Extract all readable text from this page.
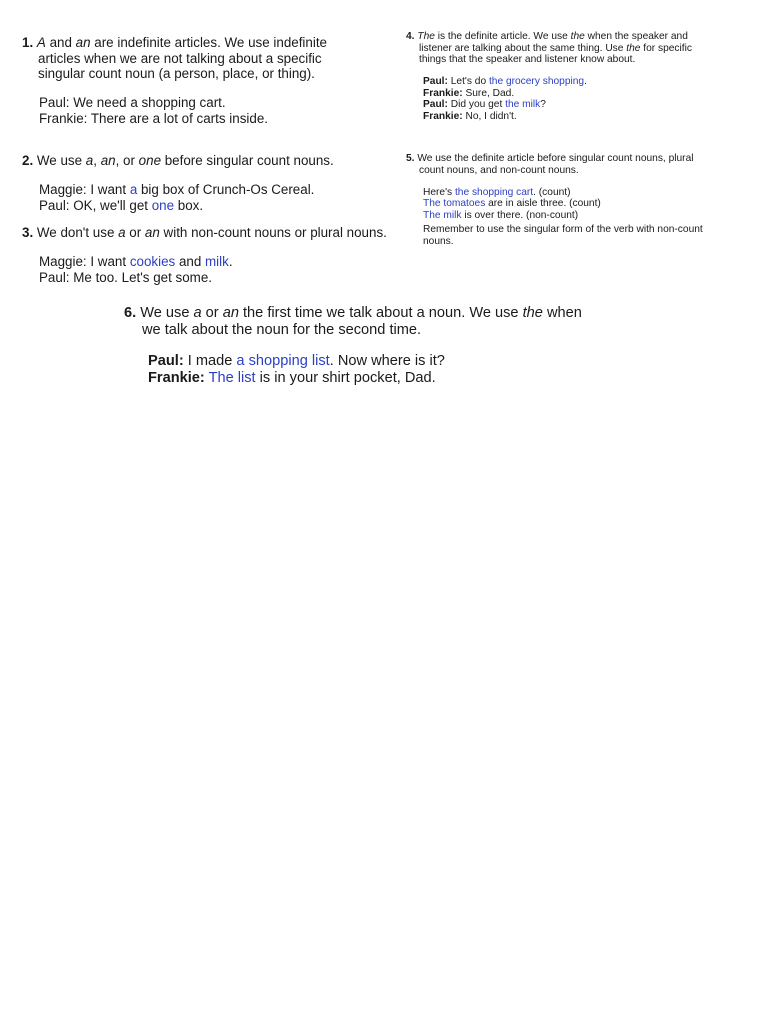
1. A and an are indefinite articles. We use indefinite articles when we are not talking about a specific singular count noun (a person, place, or thing).

Paul: We need a shopping cart.

Frankie: There are a lot of carts inside.

2. We use a, an, or one before singular count nouns.

Maggie: I want a big box of Crunch-Os Cereal.

Paul: OK, we'll get one box.

3. We don't use a or an with non-count nouns or plural nouns.

Maggie: I want cookies and milk.

Paul: Me too. Let's get some.

4. The is the definite article. We use the when the speaker and listener are talking about the same thing. Use the for specific things that the speaker and listener know about.

Paul: Let's do the grocery shopping.

Frankie: Sure, Dad.

Paul: Did you get the milk?

Frankie: No, I didn't.

5. We use the definite article before singular count nouns, plural count nouns, and non-count nouns.

Here's the shopping cart. (count)

The tomatoes are in aisle three. (count)

The milk is over there. (non-count)

Remember to use the singular form of the verb with non-count nouns.

6. We use a or an the first time we talk about a noun. We use the when we talk about the noun for the second time.

Paul: I made a shopping list. Now where is it?

Frankie: The list is in your shirt pocket, Dad.
